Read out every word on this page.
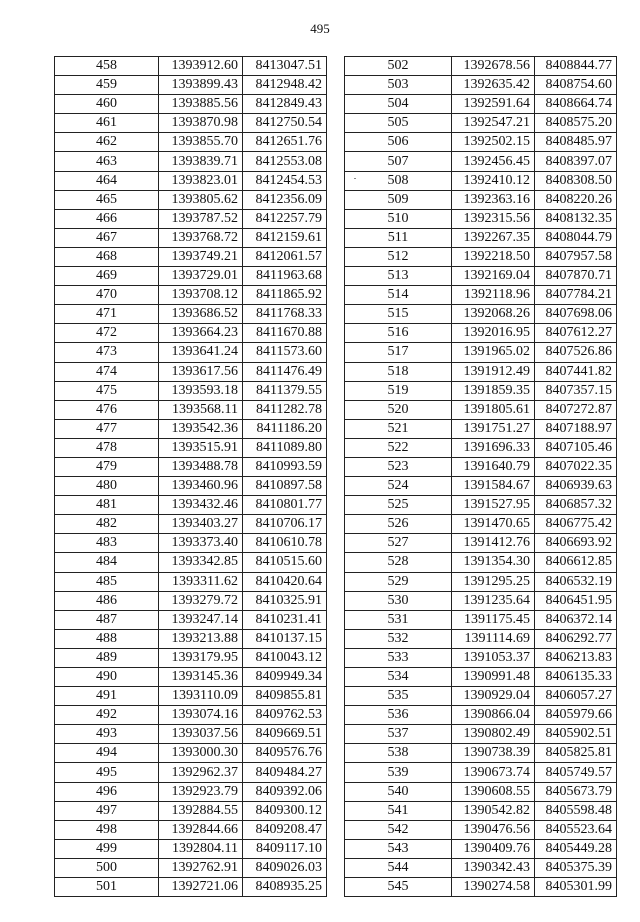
495
458	1393912.60	8413047.51
459	1393899.43	8412948.42
460	1393885.56	8412849.43
461	1393870.98	8412750.54
462	1393855.70	8412651.76
463	1393839.71	8412553.08
464	1393823.01	8412454.53
465	1393805.62	8412356.09
466	1393787.52	8412257.79
467	1393768.72	8412159.61
468	1393749.21	8412061.57
469	1393729.01	8411963.68
470	1393708.12	8411865.92
471	1393686.52	8411768.33
472	1393664.23	8411670.88
473	1393641.24	8411573.60
474	1393617.56	8411476.49
475	1393593.18	8411379.55
476	1393568.11	8411282.78
477	1393542.36	8411186.20
478	1393515.91	8411089.80
479	1393488.78	8410993.59
480	1393460.96	8410897.58
481	1393432.46	8410801.77
482	1393403.27	8410706.17
483	1393373.40	8410610.78
484	1393342.85	8410515.60
485	1393311.62	8410420.64
486	1393279.72	8410325.91
487	1393247.14	8410231.41
488	1393213.88	8410137.15
489	1393179.95	8410043.12
490	1393145.36	8409949.34
491	1393110.09	8409855.81
492	1393074.16	8409762.53
493	1393037.56	8409669.51
494	1393000.30	8409576.76
495	1392962.37	8409484.27
496	1392923.79	8409392.06
497	1392884.55	8409300.12
498	1392844.66	8409208.47
499	1392804.11	8409117.10
500	1392762.91	8409026.03
501	1392721.06	8408935.25
502	1392678.56	8408844.77
503	1392635.42	8408754.60
504	1392591.64	8408664.74
505	1392547.21	8408575.20
506	1392502.15	8408485.97
507	1392456.45	8408397.07
508	1392410.12	8408308.50
509	1392363.16	8408220.26
510	1392315.56	8408132.35
511	1392267.35	8408044.79
512	1392218.50	8407957.58
513	1392169.04	8407870.71
514	1392118.96	8407784.21
515	1392068.26	8407698.06
516	1392016.95	8407612.27
517	1391965.02	8407526.86
518	1391912.49	8407441.82
519	1391859.35	8407357.15
520	1391805.61	8407272.87
521	1391751.27	8407188.97
522	1391696.33	8407105.46
523	1391640.79	8407022.35
524	1391584.67	8406939.63
525	1391527.95	8406857.32
526	1391470.65	8406775.42
527	1391412.76	8406693.92
528	1391354.30	8406612.85
529	1391295.25	8406532.19
530	1391235.64	8406451.95
531	1391175.45	8406372.14
532	1391114.69	8406292.77
533	1391053.37	8406213.83
534	1390991.48	8406135.33
535	1390929.04	8406057.27
536	1390866.04	8405979.66
537	1390802.49	8405902.51
538	1390738.39	8405825.81
539	1390673.74	8405749.57
540	1390608.55	8405673.79
541	1390542.82	8405598.48
542	1390476.56	8405523.64
543	1390409.76	8405449.28
544	1390342.43	8405375.39
545	1390274.58	8405301.99
